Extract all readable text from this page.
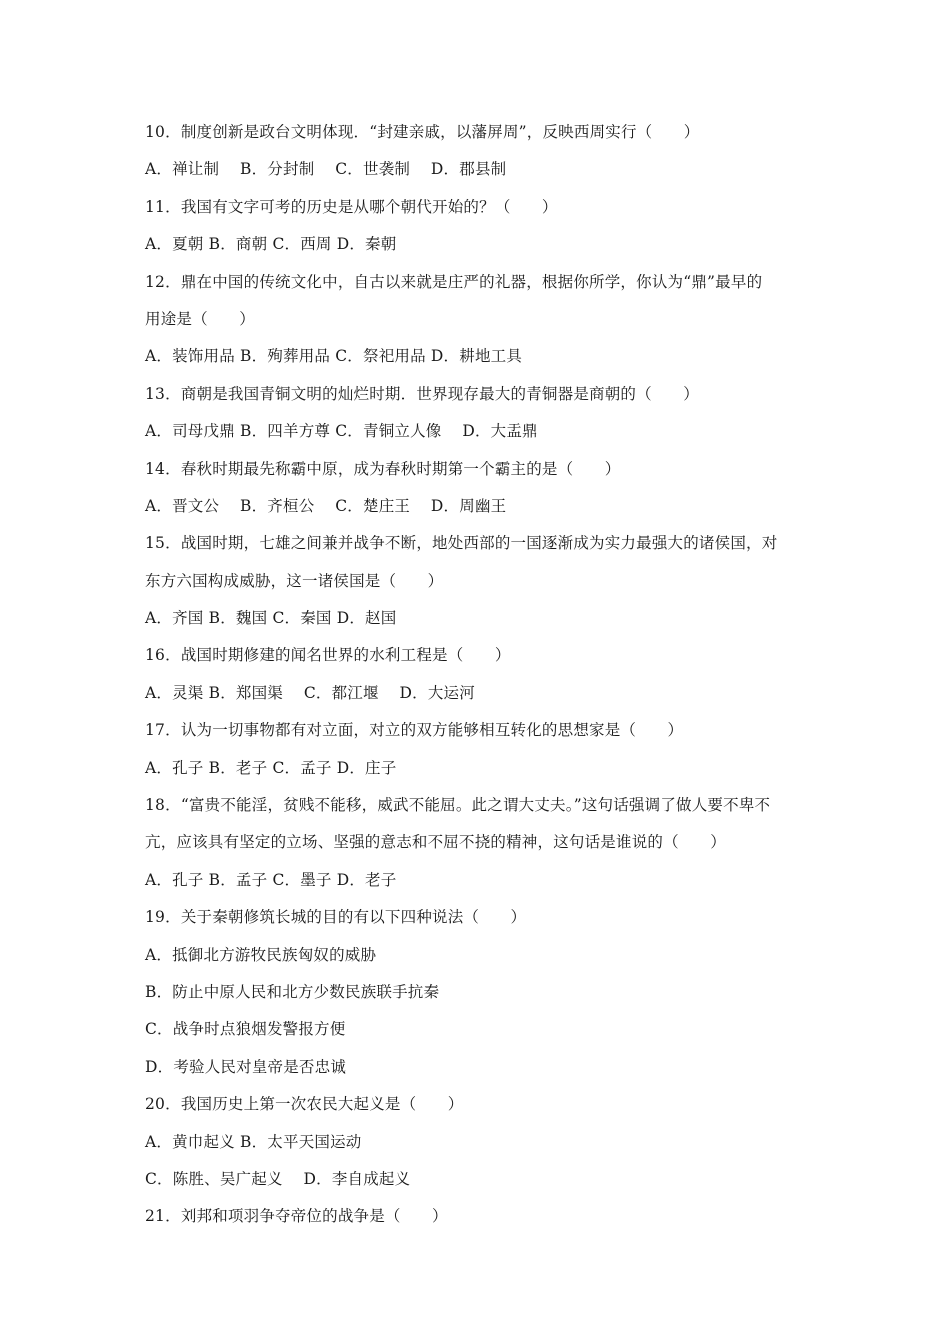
10．制度创新是政台文明体现．“封建亲戚，以藩屏周”，反映西周实行（　　）
A．禅让制　 B．分封制　 C．世袭制　 D．郡县制
11．我国有文字可考的历史是从哪个朝代开始的？（　　）
A．夏朝 B．商朝 C．西周 D．秦朝
12．鼎在中国的传统文化中，自古以来就是庄严的礼器，根据你所学，你认为“鼎”最早的
用途是（　　）
A．装饰用品 B．殉葬用品 C．祭祀用品 D．耕地工具
13．商朝是我国青铜文明的灿烂时期．世界现存最大的青铜器是商朝的（　　）
A．司母戊鼎 B．四羊方尊 C．青铜立人像　 D．大盂鼎
14．春秋时期最先称霸中原，成为春秋时期第一个霸主的是（　　）
A．晋文公　 B．齐桓公　 C．楚庄王　 D．周幽王
15．战国时期，七雄之间兼并战争不断，地处西部的一国逐渐成为实力最强大的诸侯国，对
东方六国构成威胁，这一诸侯国是（　　）
A．齐国 B．魏国 C．秦国 D．赵国
16．战国时期修建的闻名世界的水利工程是（　　）
A．灵渠 B．郑国渠　 C．都江堰　 D．大运河
17．认为一切事物都有对立面，对立的双方能够相互转化的思想家是（　　）
A．孔子 B．老子 C．孟子 D．庄子
18．“富贵不能淫，贫贱不能移，威武不能屈。此之谓大丈夫。”这句话强调了做人要不卑不
亢，应该具有坚定的立场、坚强的意志和不屈不挠的精神，这句话是谁说的（　　）
A．孔子 B．孟子 C．墨子 D．老子
19．关于秦朝修筑长城的目的有以下四种说法（　　）
A．抵御北方游牧民族匈奴的威胁
B．防止中原人民和北方少数民族联手抗秦
C．战争时点狼烟发警报方便
D．考验人民对皇帝是否忠诚
20．我国历史上第一次农民大起义是（　　）
A．黄巾起义 B．太平天国运动
C．陈胜、吴广起义　 D．李自成起义
21．刘邦和项羽争夺帝位的战争是（　　）
